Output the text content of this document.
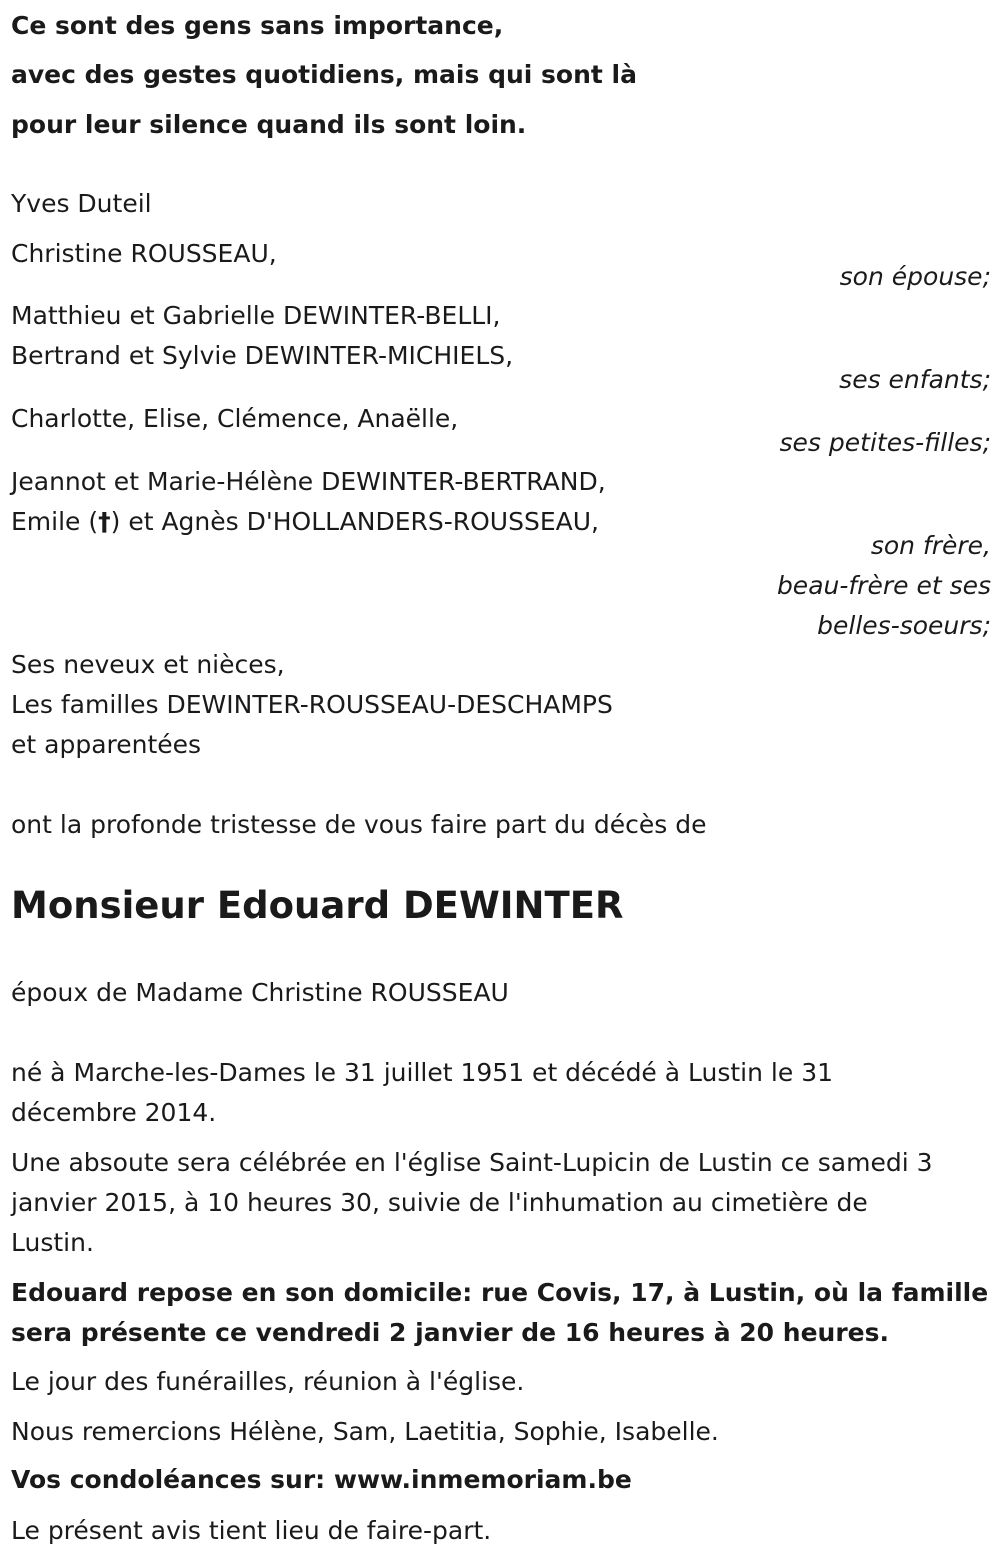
Ce sont des gens sans importance,
avec des gestes quotidiens, mais qui sont là
pour leur silence quand ils sont loin.
Yves Duteil
Christine ROUSSEAU,
son épouse;
Matthieu et Gabrielle DEWINTER-BELLI,
Bertrand et Sylvie DEWINTER-MICHIELS,
ses enfants;
Charlotte, Elise, Clémence, Anaëlle,
ses petites-filles;
Jeannot et Marie-Hélène DEWINTER-BERTRAND,
Emile (†) et Agnès D'HOLLANDERS-ROUSSEAU,
son frère,
beau-frère et ses
belles-soeurs;
Ses neveux et nièces,
Les familles DEWINTER-ROUSSEAU-DESCHAMPS
et apparentées
ont la profonde tristesse de vous faire part du décès de
Monsieur Edouard DEWINTER
époux de Madame Christine ROUSSEAU
né à Marche-les-Dames le 31 juillet 1951 et décédé à Lustin le 31
décembre 2014.
Une absoute sera célébrée en l'église Saint-Lupicin de Lustin ce samedi 3
janvier 2015, à 10 heures 30, suivie de l'inhumation au cimetière de
Lustin.
Edouard repose en son domicile: rue Covis, 17, à Lustin, où la famille
sera présente ce vendredi 2 janvier de 16 heures à 20 heures.
Le jour des funérailles, réunion à l'église.
Nous remercions Hélène, Sam, Laetitia, Sophie, Isabelle.
Vos condoléances sur: www.inmemoriam.be
Le présent avis tient lieu de faire-part.
